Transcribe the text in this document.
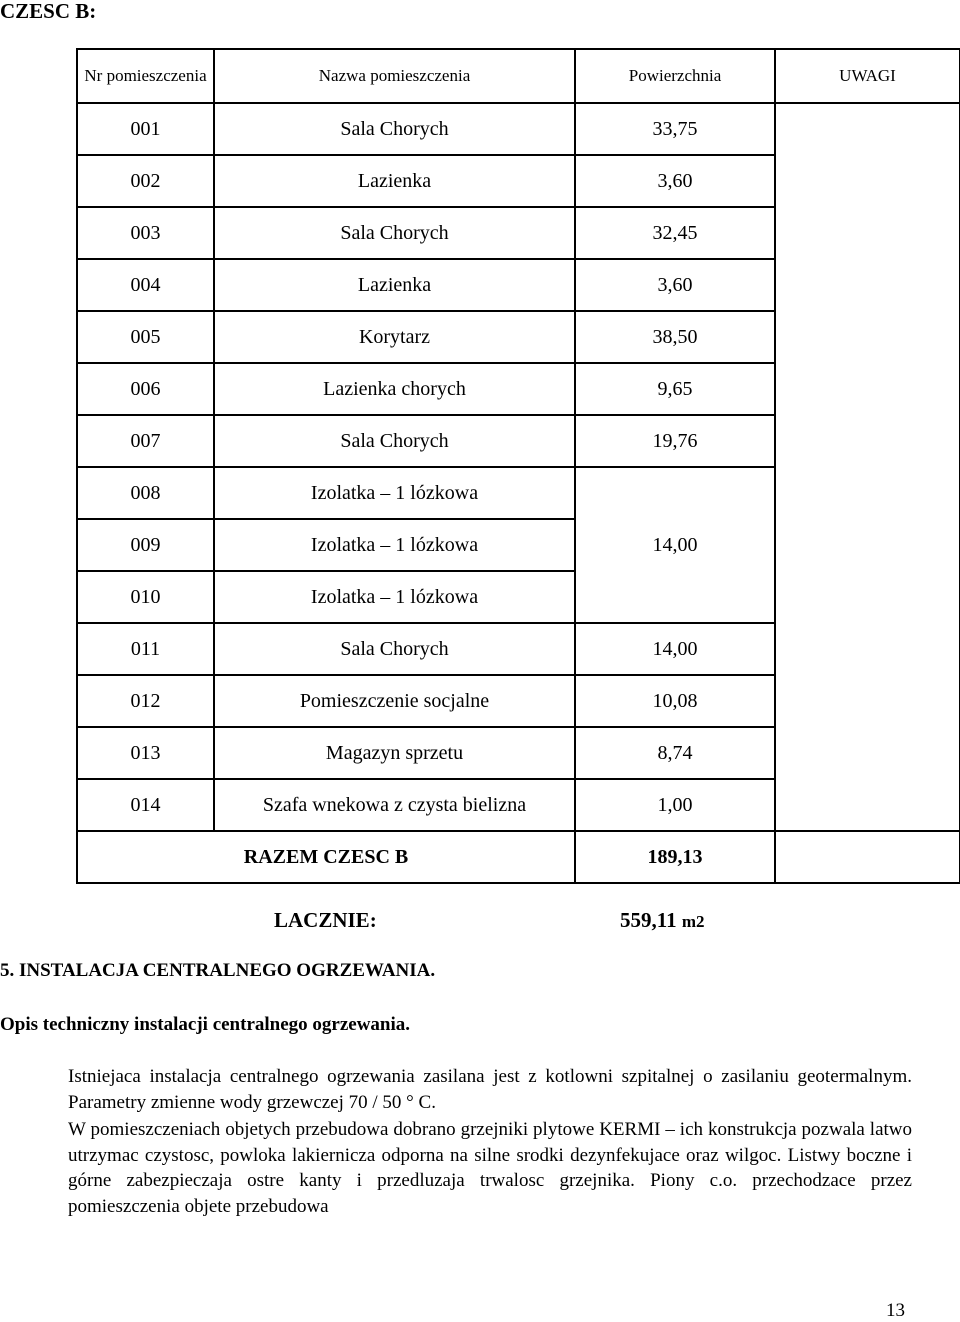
CZESC B:
Nr pomieszczenia	Nazwa pomieszczenia	Powierzchnia	UWAGI
001	Sala Chorych	33,75	
002	Lazienka	3,60	
003	Sala Chorych	32,45	
004	Lazienka	3,60	
005	Korytarz	38,50	
006	Lazienka chorych	9,65	
007	Sala Chorych	19,76	
008	Izolatka – 1 lózkowa	14,00	
009	Izolatka – 1 lózkowa		
010	Izolatka – 1 lózkowa		
011	Sala Chorych	14,00	
012	Pomieszczenie socjalne	10,08	
013	Magazyn sprzetu	8,74	
014	Szafa wnekowa z czysta bielizna	1,00	
RAZEM CZESC B		189,13	
LACZNIE:	559,11 m2
5. INSTALACJA CENTRALNEGO OGRZEWANIA.
Opis techniczny instalacji centralnego ogrzewania.

Istniejaca instalacja centralnego ogrzewania zasilana jest z kotlowni szpitalnej o zasilaniu geotermalnym. Parametry zmienne wody grzewczej 70 / 50 ° C.

W pomieszczeniach objetych przebudowa dobrano grzejniki plytowe KERMI – ich konstrukcja pozwala latwo utrzymac czystosc, powloka lakiernicza odporna na silne srodki dezynfekujace oraz wilgoc. Listwy boczne i górne zabezpieczaja ostre kanty i przedluzaja trwalosc grzejnika. Piony c.o. przechodzace przez pomieszczenia objete przebudowa

13
